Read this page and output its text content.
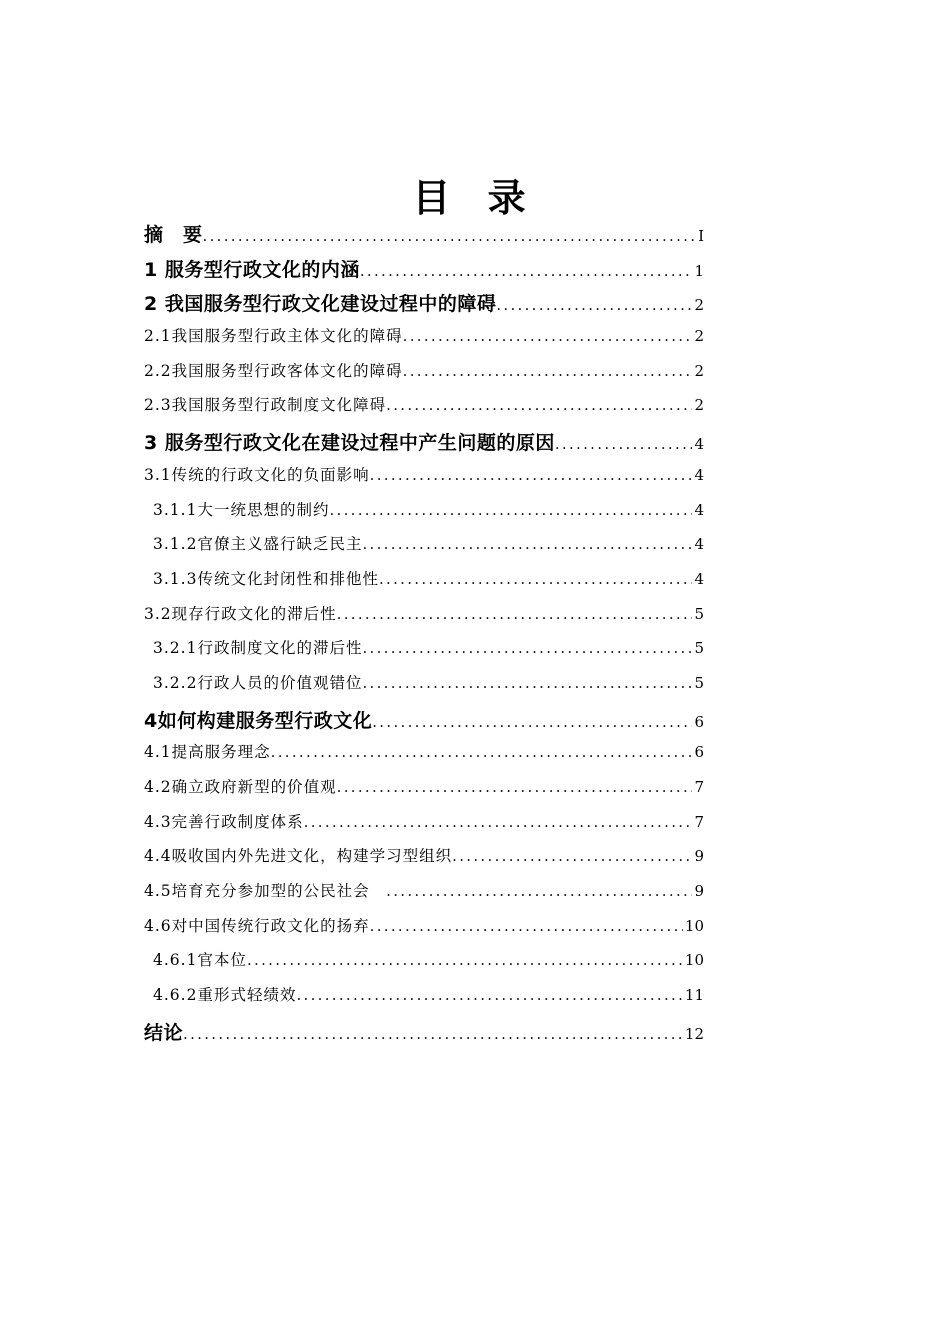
目 录
摘　要 .....	I
1 服务型行政文化的内涵 .....	1
2 我国服务型行政文化建设过程中的障碍 .....	2
2.1我国服务型行政主体文化的障碍 .....	2
2.2我国服务型行政客体文化的障碍 .....	2
2.3我国服务型行政制度文化障碍 .....	2
3 服务型行政文化在建设过程中产生问题的原因 .....	4
3.1传统的行政文化的负面影响 .....	4
3.1.1大一统思想的制约 .....	4
3.1.2官僚主义盛行缺乏民主 .....	4
3.1.3传统文化封闭性和排他性 .....	4
3.2现存行政文化的滞后性 .....	5
3.2.1行政制度文化的滞后性 .....	5
3.2.2行政人员的价值观错位 .....	5
4如何构建服务型行政文化 .....	6
4.1提高服务理念 .....	6
4.2确立政府新型的价值观 .....	7
4.3完善行政制度体系 .....	7
4.4吸收国内外先进文化，构建学习型组织 .....	9
4.5培育充分参加型的公民社会　 .....	9
4.6对中国传统行政文化的扬弃 .....	10
4.6.1官本位 .....	10
4.6.2重形式轻绩效 .....	11
结论 .....	12
